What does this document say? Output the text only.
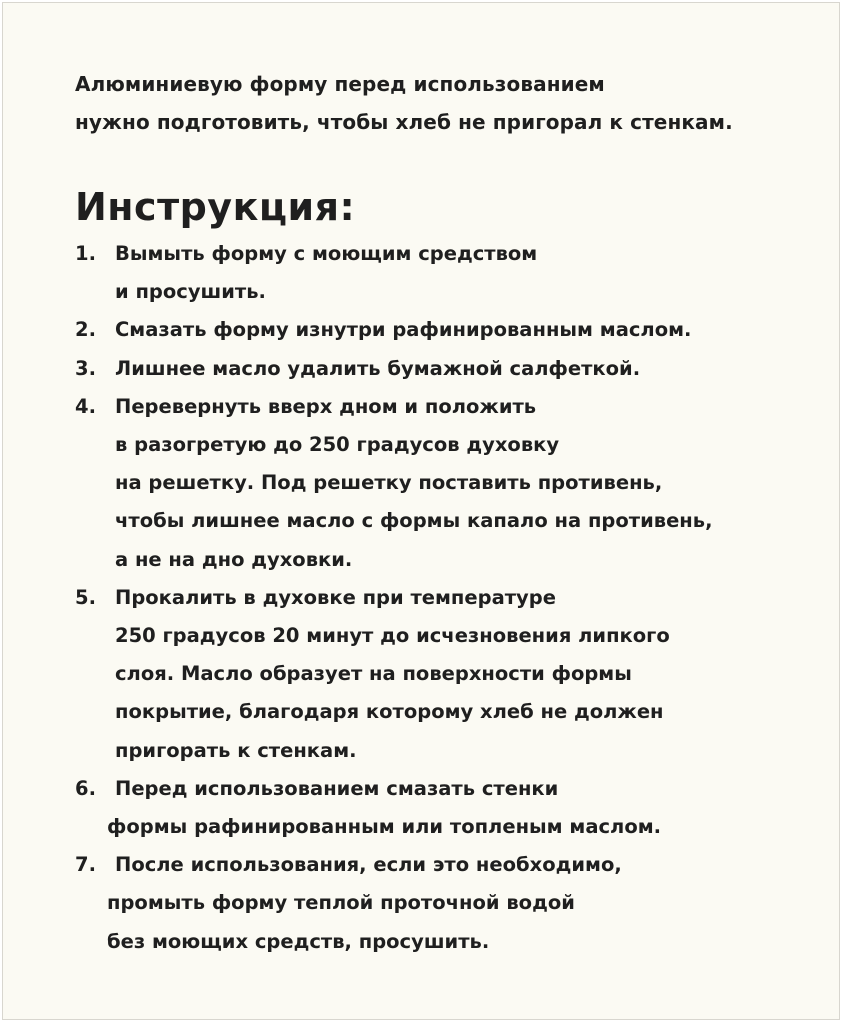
Алюминиевую форму перед использованием
нужно подготовить, чтобы хлеб не пригорал к стенкам.
Инструкция:
1. Вымыть форму с моющим средством
и просушить.
2. Смазать форму изнутри рафинированным маслом.
3. Лишнее масло удалить бумажной салфеткой.
4. Перевернуть вверх дном и положить
в разогретую до 250 градусов духовку
на решетку. Под решетку поставить противень,
чтобы лишнее масло с формы капало на противень,
а не на дно духовки.
5. Прокалить в духовке при температуре
250 градусов 20 минут до исчезновения липкого
слоя. Масло образует на поверхности формы
покрытие, благодаря которому хлеб не должен
пригорать к стенкам.
6. Перед использованием смазать стенки
формы рафинированным или топленым маслом.
7. После использования, если это необходимо,
промыть форму теплой проточной водой
без моющих средств, просушить.
